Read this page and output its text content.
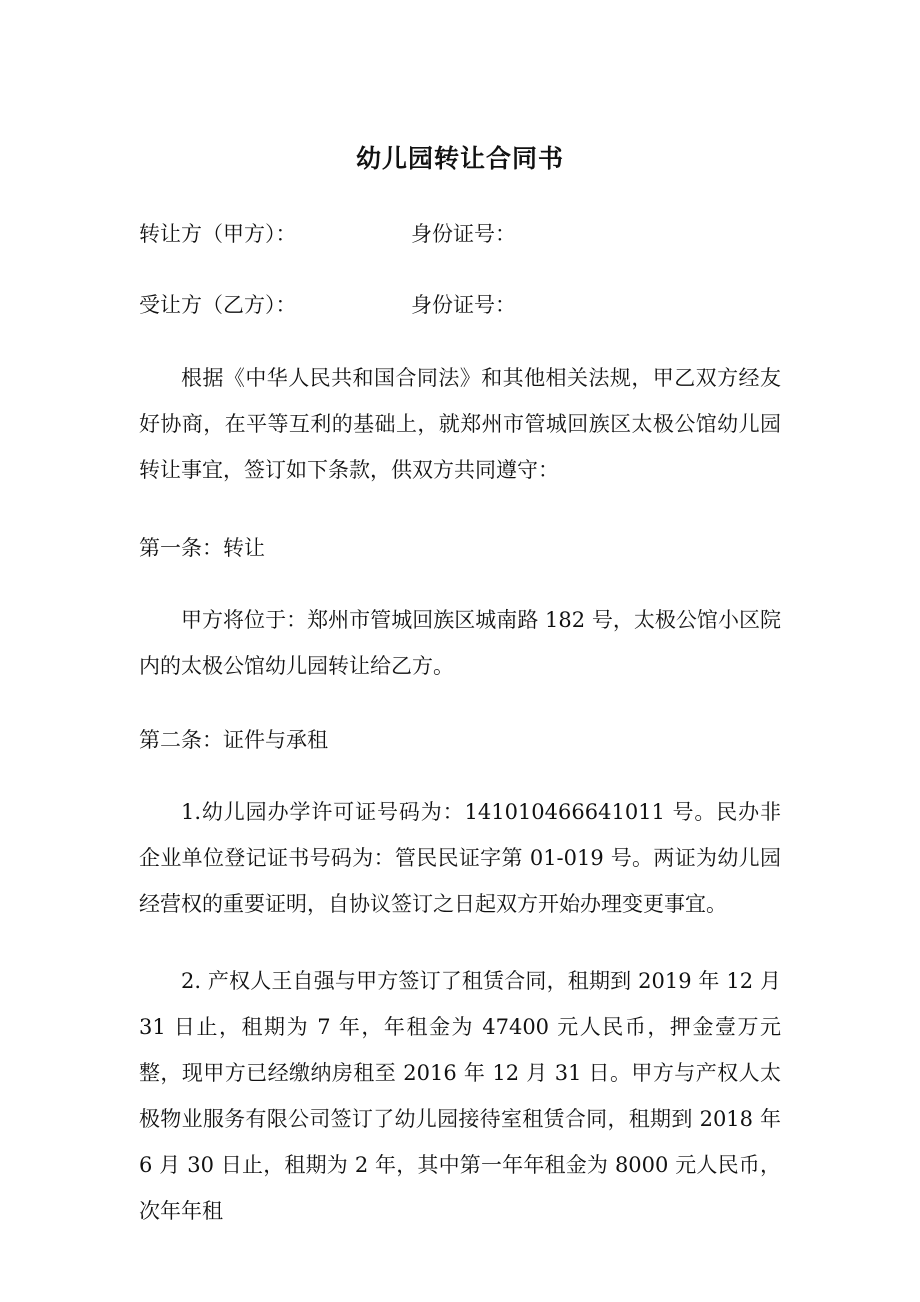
幼儿园转让合同书
转让方（甲方）：	身份证号：
受让方（乙方）：	身份证号：
根据《中华人民共和国合同法》和其他相关法规，甲乙双方经友好协商，在平等互利的基础上，就郑州市管城回族区太极公馆幼儿园转让事宜，签订如下条款，供双方共同遵守：
第一条：转让
甲方将位于：郑州市管城回族区城南路 182 号，太极公馆小区院内的太极公馆幼儿园转让给乙方。
第二条：证件与承租
1.幼儿园办学许可证号码为：141010466641011 号。民办非企业单位登记证书号码为：管民民证字第 01-019 号。两证为幼儿园经营权的重要证明，自协议签订之日起双方开始办理变更事宜。
2. 产权人王自强与甲方签订了租赁合同，租期到 2019 年 12 月 31 日止，租期为 7 年，年租金为 47400 元人民币，押金壹万元整，现甲方已经缴纳房租至 2016 年 12 月 31 日。甲方与产权人太极物业服务有限公司签订了幼儿园接待室租赁合同，租期到 2018 年 6 月 30 日止，租期为 2 年，其中第一年年租金为 8000 元人民币，次年年租
